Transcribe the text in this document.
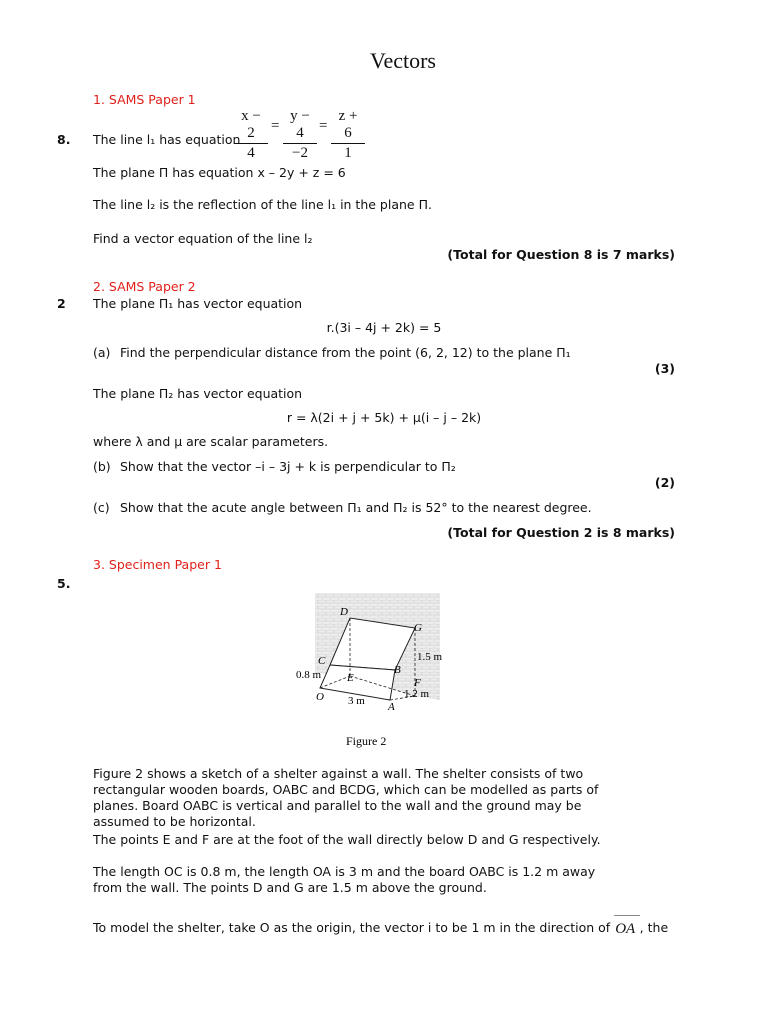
Vectors
1. SAMS Paper 1
x − 2
4
=
y − 4
−2
=
z + 6
1
8. The line l₁ has equation
The plane Π has equation x – 2y + z = 6
The line l₂ is the reflection of the line l₁ in the plane Π.
Find a vector equation of the line l₂
(Total for Question 8 is 7 marks)
2. SAMS Paper 2
2 The plane Π₁ has vector equation
r.(3i – 4j + 2k) = 5
(a) Find the perpendicular distance from the point (6, 2, 12) to the plane Π₁
(3)
The plane Π₂ has vector equation
r = λ(2i + j + 5k) + μ(i – j – 2k)
where λ and μ are scalar parameters.
(b) Show that the vector –i – 3j + k is perpendicular to Π₂
(2)
(c) Show that the acute angle between Π₁ and Π₂ is 52° to the nearest degree.
(Total for Question 2 is 8 marks)
3. Specimen Paper 1
5.
D
G
C
B
E	F
O
A
0.8 m
3 m
1.5 m
1.2 m
Figure 2
Figure 2 shows a sketch of a shelter against a wall. The shelter consists of two rectangular wooden boards, OABC and BCDG, which can be modelled as parts of planes. Board OABC is vertical and parallel to the wall and the ground may be assumed to be horizontal.
The points E and F are at the foot of the wall directly below D and G respectively.
The length OC is 0.8 m, the length OA is 3 m and the board OABC is 1.2 m away from the wall. The points D and G are 1.5 m above the ground.
To model the shelter, take O as the origin, the vector i to be 1 m in the direction of OA , the
